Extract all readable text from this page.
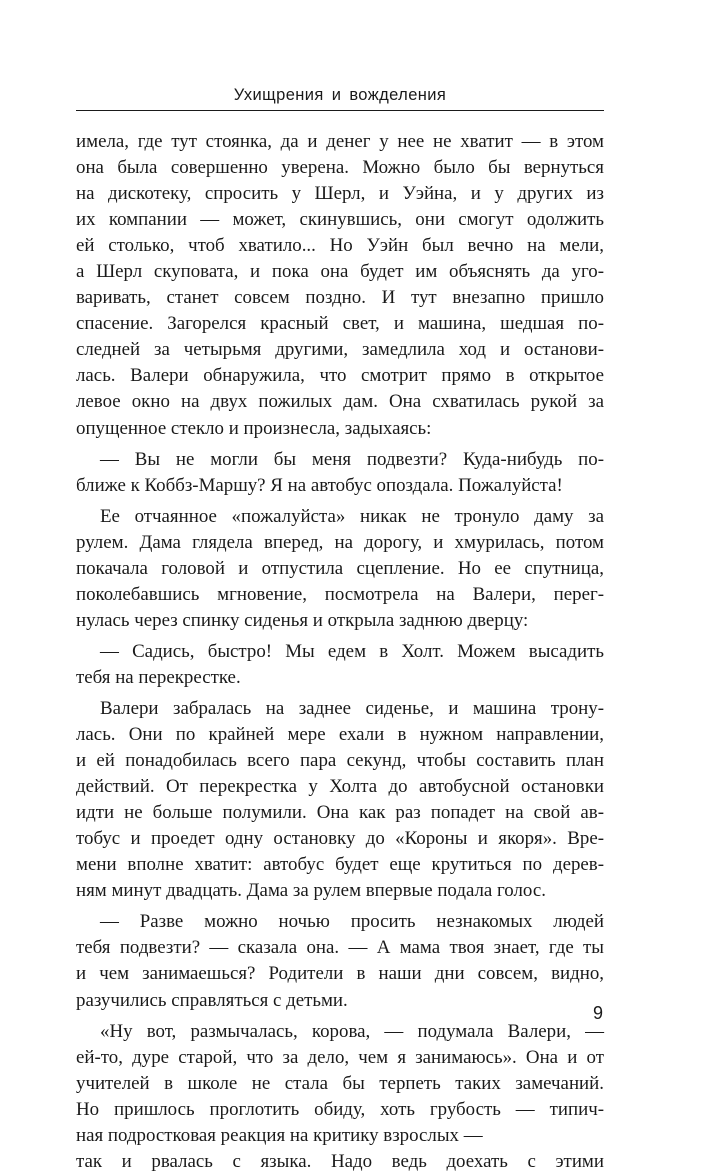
Ухищрения и вожделения
имела, где тут стоянка, да и денег у нее не хватит — в этом
она была совершенно уверена. Можно было бы вернуться
на дискотеку, спросить у Шерл, и Уэйна, и у других из
их компании — может, скинувшись, они смогут одолжить
ей столько, чтоб хватило... Но Уэйн был вечно на мели,
а Шерл скуповата, и пока она будет им объяснять да уго-
варивать, станет совсем поздно. И тут внезапно пришло
спасение. Загорелся красный свет, и машина, шедшая по-
следней за четырьмя другими, замедлила ход и останови-
лась. Валери обнаружила, что смотрит прямо в открытое
левое окно на двух пожилых дам. Она схватилась рукой за
опущенное стекло и произнесла, задыхаясь:
— Вы не могли бы меня подвезти? Куда-нибудь по-
ближе к Коббз-Маршу? Я на автобус опоздала. Пожалуйста!
Ее отчаянное «пожалуйста» никак не тронуло даму за
рулем. Дама глядела вперед, на дорогу, и хмурилась, потом
покачала головой и отпустила сцепление. Но ее спутница,
поколебавшись мгновение, посмотрела на Валери, перег-
нулась через спинку сиденья и открыла заднюю дверцу:
— Садись, быстро! Мы едем в Холт. Можем высадить
тебя на перекрестке.
Валери забралась на заднее сиденье, и машина трону-
лась. Они по крайней мере ехали в нужном направлении,
и ей понадобилась всего пара секунд, чтобы составить план
действий. От перекрестка у Холта до автобусной остановки
идти не больше полумили. Она как раз попадет на свой ав-
тобус и проедет одну остановку до «Короны и якоря». Вре-
мени вполне хватит: автобус будет еще крутиться по дерев-
ням минут двадцать. Дама за рулем впервые подала голос.
— Разве можно ночью просить незнакомых людей
тебя подвезти? — сказала она. — А мама твоя знает, где ты
и чем занимаешься? Родители в наши дни совсем, видно,
разучились справляться с детьми.
«Ну вот, размычалась, корова, — подумала Валери, —
ей-то, дуре старой, что за дело, чем я занимаюсь». Она и от
учителей в школе не стала бы терпеть таких замечаний.
Но пришлось проглотить обиду, хоть грубость — типич-
ная подростковая реакция на критику взрослых —
так и рвалась с языка. Надо ведь доехать с этими
9
